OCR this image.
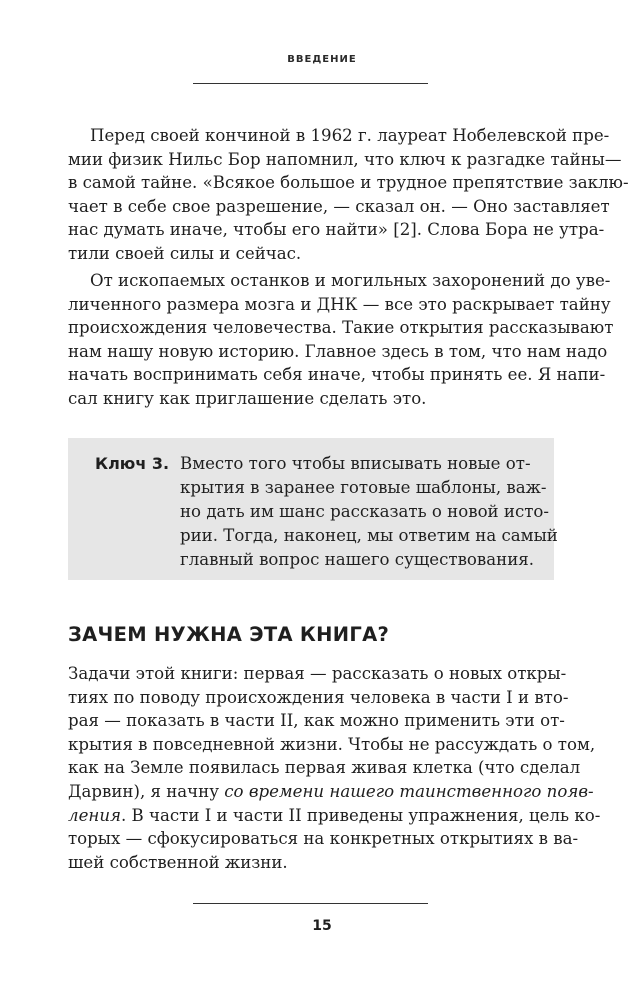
ВВЕДЕНИЕ
Перед своей кончиной в 1962 г. лауреат Нобелевской пре-
мии физик Нильс Бор напомнил, что ключ к разгадке тайны—
в самой тайне. «Всякое большое и трудное препятствие заклю-
чает в себе свое разрешение, — сказал он. — Оно заставляет
нас думать иначе, чтобы его найти» [2]. Слова Бора не утра-
тили своей силы и сейчас.
От ископаемых останков и могильных захоронений до уве-
личенного размера мозга и ДНК — все это раскрывает тайну
происхождения человечества. Такие открытия рассказывают
нам нашу новую историю. Главное здесь в том, что нам надо
начать воспринимать себя иначе, чтобы принять ее. Я напи-
сал книгу как приглашение сделать это.
Ключ 3. Вместо того чтобы вписывать новые от-
крытия в заранее готовые шаблоны, важ-
но дать им шанс рассказать о новой исто-
рии. Тогда, наконец, мы ответим на самый
главный вопрос нашего существования.
ЗАЧЕМ НУЖНА ЭТА КНИГА?
Задачи этой книги: первая — рассказать о новых откры-
тиях по поводу происхождения человека в части I и вто-
рая — показать в части II, как можно применить эти от-
крытия в повседневной жизни. Чтобы не рассуждать о том,
как на Земле появилась первая живая клетка (что сделал
Дарвин), я начну со времени нашего таинственного появ-
ления. В части I и части II приведены упражнения, цель ко-
торых — сфокусироваться на конкретных открытиях в ва-
шей собственной жизни.
15
